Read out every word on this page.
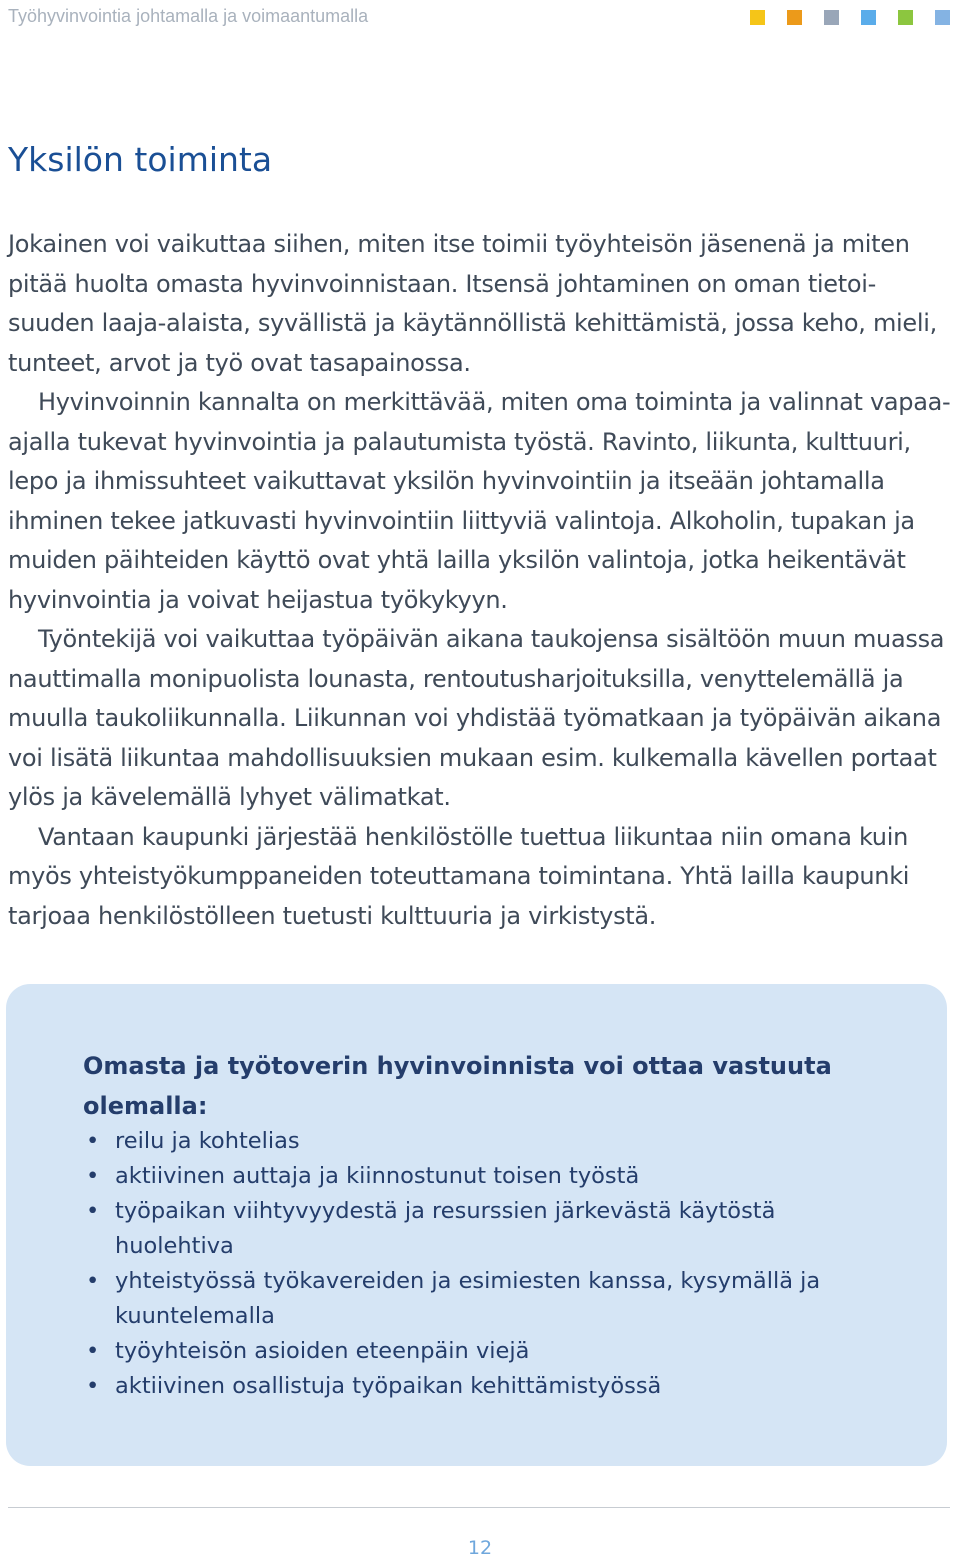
Työhyvinvointia johtamalla ja voimaantumalla
Yksilön toiminta

Jokainen voi vaikuttaa siihen, miten itse toimii työyhteisön jäsenenä ja miten pitää huolta omasta hyvinvoinnistaan. Itsensä johtaminen on oman tietoisuuden laaja-alaista, syvällistä ja käytännöllistä kehittämistä, jossa keho, mieli, tunteet, arvot ja työ ovat tasapainossa.

Hyvinvoinnin kannalta on merkittävää, miten oma toiminta ja valinnat vapaa-ajalla tukevat hyvinvointia ja palautumista työstä. Ravinto, liikunta, kulttuuri, lepo ja ihmissuhteet vaikuttavat yksilön hyvinvointiin ja itseään johtamalla ihminen tekee jatkuvasti hyvinvointiin liittyviä valintoja. Alkoholin, tupakan ja muiden päihteiden käyttö ovat yhtä lailla yksilön valintoja, jotka heikentävät hyvinvointia ja voivat heijastua työkykyyn.

Työntekijä voi vaikuttaa työpäivän aikana taukojensa sisältöön muun muassa nauttimalla monipuolista lounasta, rentoutusharjoituksilla, venyttelemällä ja muulla taukoliikunnalla. Liikunnan voi yhdistää työmatkaan ja työpäivän aikana voi lisätä liikuntaa mahdollisuuksien mukaan esim. kulkemalla kävellen portaat ylös ja kävelemällä lyhyet välimatkat.

Vantaan kaupunki järjestää henkilöstölle tuettua liikuntaa niin omana kuin myös yhteistyökumppaneiden toteuttamana toimintana. Yhtä lailla kaupunki tarjoaa henkilöstölleen tuetusti kulttuuria ja virkistystä.

Omasta ja työtoverin hyvinvoinnista voi ottaa vastuuta olemalla:
• reilu ja kohtelias
• aktiivinen auttaja ja kiinnostunut toisen työstä
• työpaikan viihtyvyydestä ja resurssien järkevästä käytöstä huolehtiva
• yhteistyössä työkavereiden ja esimiesten kanssa, kysymällä ja kuuntelemalla
• työyhteisön asioiden eteenpäin viejä
• aktiivinen osallistuja työpaikan kehittämistyössä
12
